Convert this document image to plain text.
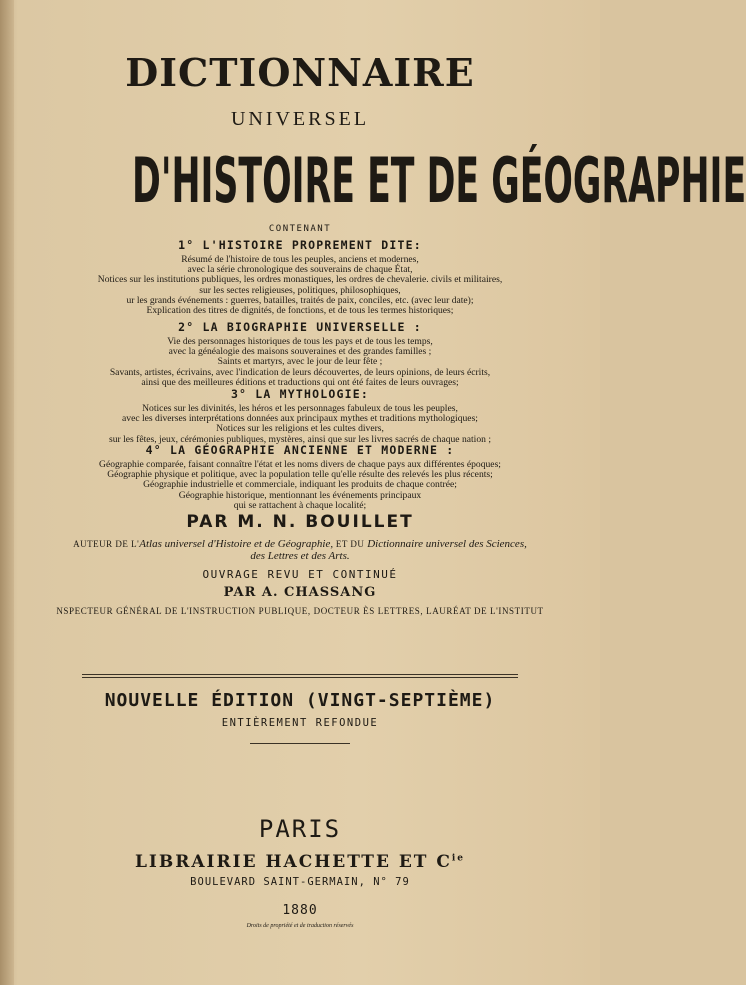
DICTIONNAIRE
UNIVERSEL
D'HISTOIRE ET DE GÉOGRAPHIE
CONTENANT
1° L'HISTOIRE PROPREMENT DITE:
Résumé de l'histoire de tous les peuples, anciens et modernes,
avec la série chronologique des souverains de chaque État,
Notices sur les institutions publiques, les ordres monastiques, les ordres de chevalerie. civils et militaires,
sur les sectes religieuses, politiques, philosophiques,
ur les grands événements : guerres, batailles, traités de paix, conciles, etc. (avec leur date);
Explication des titres de dignités, de fonctions, et de tous les termes historiques;
2° LA BIOGRAPHIE UNIVERSELLE :
Vie des personnages historiques de tous les pays et de tous les temps,
avec la généalogie des maisons souveraines et des grandes familles ;
Saints et martyrs, avec le jour de leur fête ;
Savants, artistes, écrivains, avec l'indication de leurs découvertes, de leurs opinions, de leurs écrits,
ainsi que des meilleures éditions et traductions qui ont été faites de leurs ouvrages;
3° LA MYTHOLOGIE:
Notices sur les divinités, les héros et les personnages fabuleux de tous les peuples,
avec les diverses interprétations données aux principaux mythes et traditions mythologiques;
Notices sur les religions et les cultes divers,
sur les fêtes, jeux, cérémonies publiques, mystères, ainsi que sur les livres sacrés de chaque nation ;
4° LA GÉOGRAPHIE ANCIENNE ET MODERNE :
Géographie comparée, faisant connaître l'état et les noms divers de chaque pays aux différentes époques;
Géographie physique et politique, avec la population telle qu'elle résulte des relevés les plus récents;
Géographie industrielle et commerciale, indiquant les produits de chaque contrée;
Géographie historique, mentionnant les événements principaux
qui se rattachent à chaque localité;
PAR M. N. BOUILLET
AUTEUR DE L'Atlas universel d'Histoire et de Géographie, ET DU Dictionnaire universel des Sciences,
des Lettres et des Arts.
OUVRAGE REVU ET CONTINUÉ
PAR A. CHASSANG
NSPECTEUR GÉNÉRAL DE L'INSTRUCTION PUBLIQUE, DOCTEUR ÈS LETTRES, LAURÉAT DE L'INSTITUT
NOUVELLE ÉDITION (VINGT-SEPTIÈME)
ENTIÈREMENT REFONDUE
PARIS
LIBRAIRIE HACHETTE ET $C^{ie}$
BOULEVARD SAINT-GERMAIN, N° 79
1880
Droits de propriété et de traduction réservés
